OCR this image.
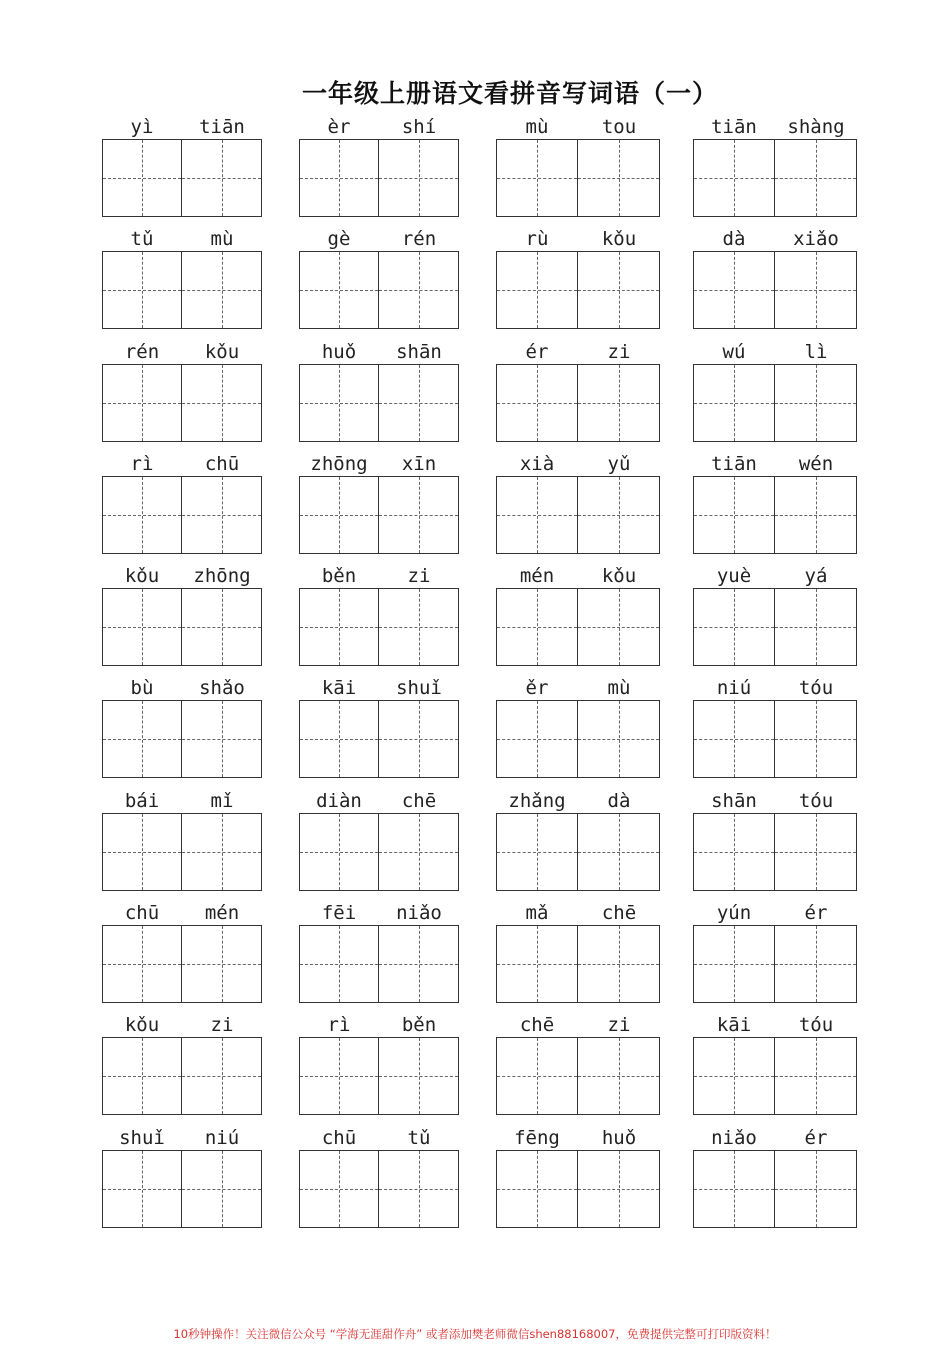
一年级上册语文看拼音写词语（一）
yì	tiān	èr	shí	mù	tou	tiān	shàng
tǔ	mù	gè	rén	rù	kǒu	dà	xiǎo
rén	kǒu	huǒ	shān	ér	zi	wú	lì
rì	chū	zhōng	xīn	xià	yǔ	tiān	wén
kǒu	zhōng	běn	zi	mén	kǒu	yuè	yá
bù	shǎo	kāi	shuǐ	ěr	mù	niú	tóu
bái	mǐ	diàn	chē	zhǎng	dà	shān	tóu
chū	mén	fēi	niǎo	mǎ	chē	yún	ér
kǒu	zi	rì	běn	chē	zi	kāi	tóu
shuǐ	niú	chū	tǔ	fēng	huǒ	niǎo	ér
10秒钟操作！关注微信公众号 “学海无涯甜作舟” 或者添加樊老师微信shen88168007，免费提供完整可打印版资料！
